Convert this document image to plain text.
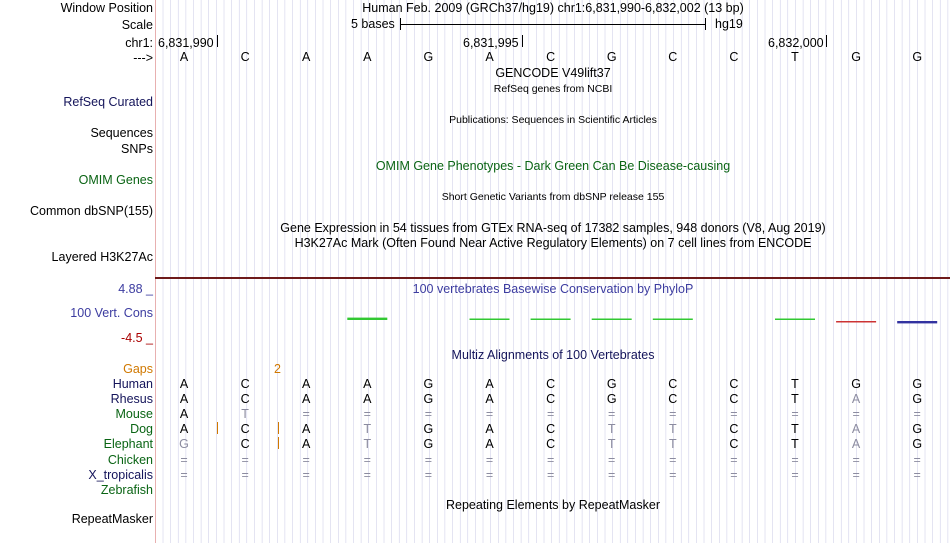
Window Position	Human Feb. 2009 (GRCh37/hg19) chr1:6,831,990-6,832,002 (13 bp)
Scale	5 bases	hg19
chr1: 6,831,990	6,831,995	6,832,000
---> A	C	A	A	G	A	C	G	C	C	T	G	G
GENCODE V49lift37
RefSeq genes from NCBI
RefSeq Curated
Publications: Sequences in Scientific Articles
Sequences
SNPs
OMIM Gene Phenotypes - Dark Green Can Be Disease-causing
OMIM Genes
Short Genetic Variants from dbSNP release 155
Common dbSNP(155)
Gene Expression in 54 tissues from GTEx RNA-seq of 17382 samples, 948 donors (V8, Aug 2019)
H3K27Ac Mark (Often Found Near Active Regulatory Elements) on 7 cell lines from ENCODE
Layered H3K27Ac
100 vertebrates Basewise Conservation by PhyloP
4.88 _
100 Vert. Cons
-4.5 _
Multiz Alignments of 100 Vertebrates
Gaps	2
Human A	C	A	A	G	A	C	G	C	C	T	G	G
Rhesus A	C	A	A	G	A	C	G	C	C	T	A	G
Mouse A	T	=	=	=	=	=	=	=	=	=	=	=
Dog A	C	A	T	G	A	C	T	T	C	T	A	G
Elephant G	C	A	T	G	A	C	T	T	C	T	A	G
Chicken =	=	=	=	=	=	=	=	=	=	=	=	=
X_tropicalis =	=	=	=	=	=	=	=	=	=	=	=	=
Zebrafish
Repeating Elements by RepeatMasker
RepeatMasker
